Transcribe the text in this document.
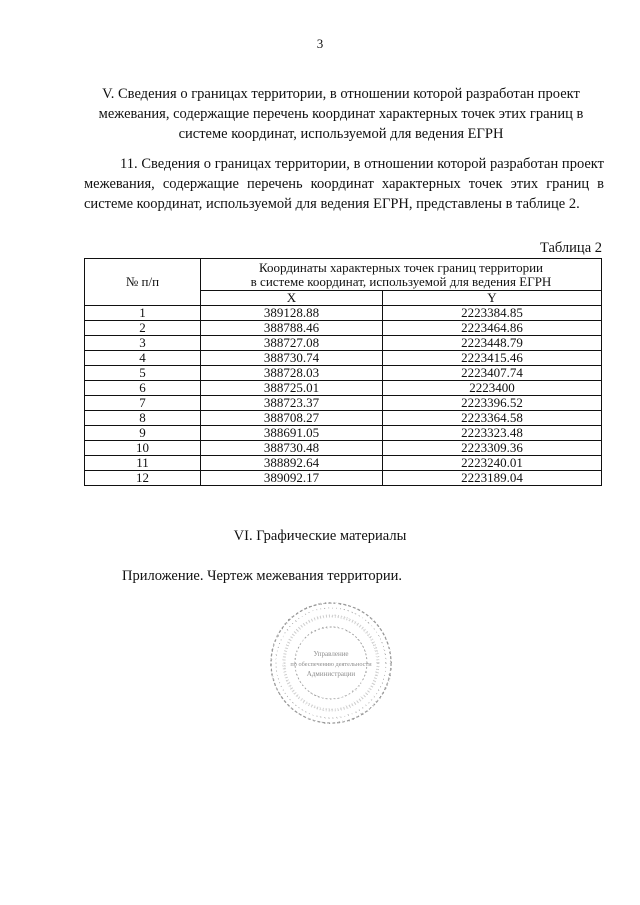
3
V. Сведения о границах территории, в отношении которой разработан проект межевания, содержащие перечень координат характерных точек этих границ в системе координат, используемой для ведения ЕГРН
11. Сведения о границах территории, в отношении которой разработан проект межевания, содержащие перечень координат характерных точек этих границ в системе координат, используемой для ведения ЕГРН, представлены в таблице 2.
Таблица 2
№ п/п	Координаты характерных точек границ территории
в системе координат, используемой для ведения ЕГРН	

	X	Y
1	389128.88	2223384.85
2	388788.46	2223464.86
3	388727.08	2223448.79
4	388730.74	2223415.46
5	388728.03	2223407.74
6	388725.01	2223400
7	388723.37	2223396.52
8	388708.27	2223364.58
9	388691.05	2223323.48
10	388730.48	2223309.36
11	388892.64	2223240.01
12	389092.17	2223189.04
VI. Графические материалы
Приложение. Чертеж межевания территории.
Управление
по обеспечению деятельности
Администрации
